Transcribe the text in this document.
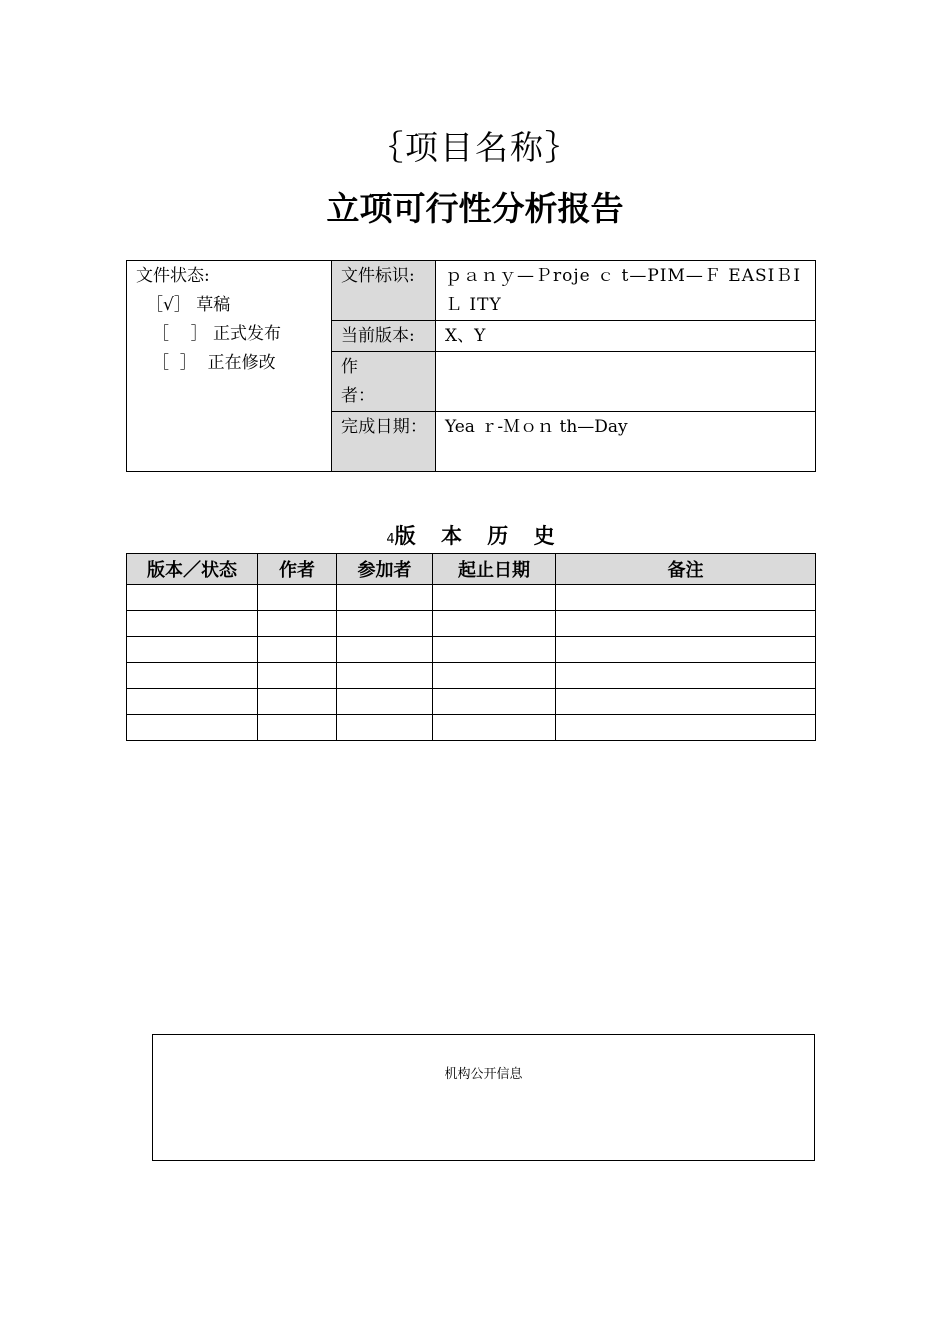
｛项目名称｝
立项可行性分析报告
文件状态:
［√］ 草稿
［    ］ 正式发布
［  ］  正在修改	文件标识:	ｐａｎｙ—Ｐroje ｃ t—PIM—Ｆ EASIＢI Ｌ ITY
	当前版本:	X、Y

	作者：	

	完成日期：	Yea ｒ-Ｍｏｎ th—Day
4版 本 历 史
版本／状态	作者	参加者	起止日期	备注

机构公开信息
